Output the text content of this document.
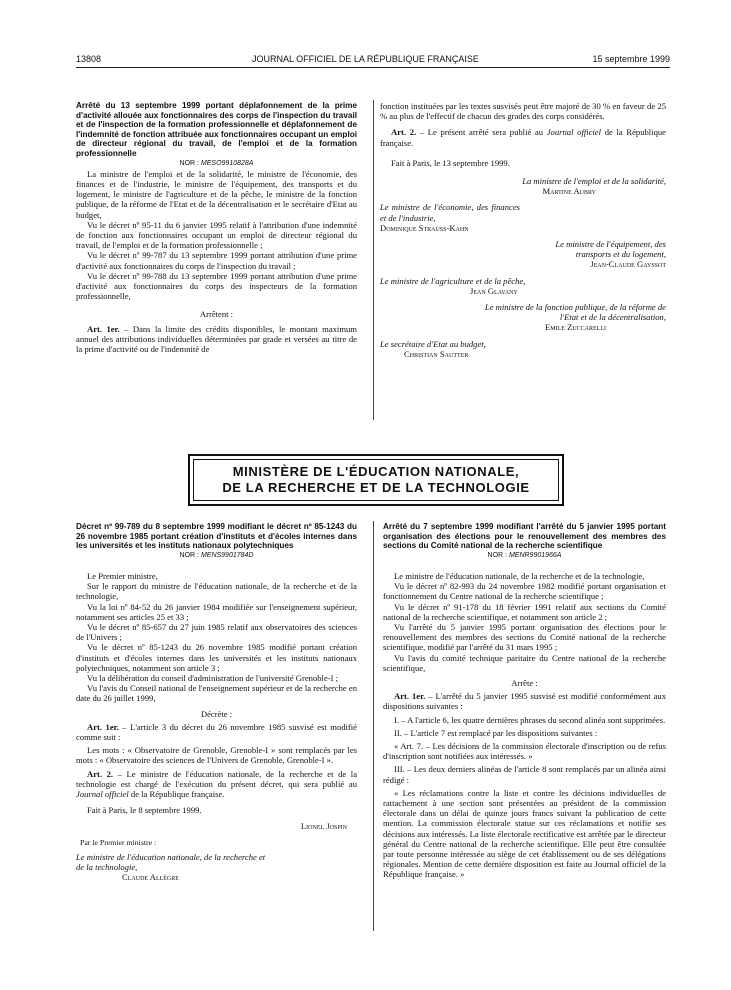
13808	JOURNAL OFFICIEL DE LA RÉPUBLIQUE FRANÇAISE	15 septembre 1999

Arrêté du 13 septembre 1999 portant déplafonnement de la prime d'activité allouée aux fonctionnaires des corps de l'inspection du travail et de l'inspection de la formation professionnelle et déplafonnement de l'indemnité de fonction attribuée aux fonctionnaires occupant un emploi de directeur régional du travail, de l'emploi et de la formation professionnelle

NOR : MESO9910828A

La ministre de l'emploi et de la solidarité, le ministre de l'économie, des finances et de l'industrie, le ministre de l'équipement, des transports et du logement, le ministre de l'agriculture et de la pêche, le ministre de la fonction publique, de la réforme de l'Etat et de la décentralisation et le secrétaire d'Etat au budget,

Vu le décret nº 95-11 du 6 janvier 1995 relatif à l'attribution d'une indemnité de fonction aux fonctionnaires occupant un emploi de directeur régional du travail, de l'emploi et de la formation professionnelle ;

Vu le décret nº 99-787 du 13 septembre 1999 portant attribution d'une prime d'activité aux fonctionnaires du corps de l'inspection du travail ;

Vu le décret nº 99-788 du 13 septembre 1999 portant attribution d'une prime d'activité aux fonctionnaires du corps des inspecteurs de la formation professionnelle,

Arrêtent :

Art. 1er. – Dans la limite des crédits disponibles, le montant maximum annuel des attributions individuelles déterminées par grade et versées au titre de la prime d'activité ou de l'indemnité de

fonction instituées par les textes susvisés peut être majoré de 30 % en faveur de 25 % au plus de l'effectif de chacun des grades des corps considérés.

Art. 2. – Le présent arrêté sera publié au Journal officiel de la République française.

Fait à Paris, le 13 septembre 1999.

La ministre de l'emploi et de la solidarité,
Martine Aubry
Le ministre de l'économie, des finances et de l'industrie,
Dominique Strauss-Kahn
Le ministre de l'équipement, des transports et du logement,
Jean-Claude Gayssot
Le ministre de l'agriculture et de la pêche,
Jean Glavany
Le ministre de la fonction publique, de la réforme de l'Etat et de la décentralisation,
Emile Zuccarelli
Le secrétaire d'Etat au budget,
Christian Sautter
MINISTÈRE DE L'ÉDUCATION NATIONALE,
DE LA RECHERCHE ET DE LA TECHNOLOGIE

Décret nº 99-789 du 8 septembre 1999 modifiant le décret nº 85-1243 du 26 novembre 1985 portant création d'instituts et d'écoles internes dans les universités et les instituts nationaux polytechniques

NOR : MENS9901784D

Le Premier ministre,

Sur le rapport du ministre de l'éducation nationale, de la recherche et de la technologie,

Vu la loi nº 84-52 du 26 janvier 1984 modifiée sur l'enseignement supérieur, notamment ses articles 25 et 33 ;

Vu le décret nº 85-657 du 27 juin 1985 relatif aux observatoires des sciences de l'Univers ;

Vu le décret nº 85-1243 du 26 novembre 1985 modifié portant création d'instituts et d'écoles internes dans les universités et les instituts nationaux polytechniques, notamment son article 3 ;

Vu la délibération du conseil d'administration de l'université Grenoble-I ;

Vu l'avis du Conseil national de l'enseignement supérieur et de la recherche en date du 26 juillet 1999,

Décrète :

Art. 1er. – L'article 3 du décret du 26 novembre 1985 susvisé est modifié comme suit :

Les mots : « Observatoire de Grenoble, Grenoble-I » sont remplacés par les mots : « Observatoire des sciences de l'Univers de Grenoble, Grenoble-I ».

Art. 2. – Le ministre de l'éducation nationale, de la recherche et de la technologie est chargé de l'exécution du présent décret, qui sera publié au Journal officiel de la République française.

Fait à Paris, le 8 septembre 1999.

Lionel Jospin

Par le Premier ministre :

Le ministre de l'éducation nationale, de la recherche et de la technologie,

Claude Allègre

Arrêté du 7 septembre 1999 modifiant l'arrêté du 5 janvier 1995 portant organisation des élections pour le renouvellement des membres des sections du Comité national de la recherche scientifique

NOR : MENR9901966A

Le ministre de l'éducation nationale, de la recherche et de la technologie,

Vu le décret nº 82-993 du 24 novembre 1982 modifié portant organisation et fonctionnement du Centre national de la recherche scientifique ;

Vu le décret nº 91-178 du 18 février 1991 relatif aux sections du Comité national de la recherche scientifique, et notamment son article 2 ;

Vu l'arrêté du 5 janvier 1995 portant organisation des élections pour le renouvellement des membres des sections du Comité national de la recherche scientifique, modifié par l'arrêté du 31 mars 1995 ;

Vu l'avis du comité technique paritaire du Centre national de la recherche scientifique,

Arrête :

Art. 1er. – L'arrêté du 5 janvier 1995 susvisé est modifié conformément aux dispositions suivantes :

I. – A l'article 6, les quatre dernières phrases du second alinéa sont supprimées.

II. – L'article 7 est remplacé par les dispositions suivantes :

« Art. 7. – Les décisions de la commission électorale d'inscription ou de refus d'inscription sont notifiées aux intéressés. »

III. – Les deux derniers alinéas de l'article 8 sont remplacés par un alinéa ainsi rédigé :

« Les réclamations contre la liste et contre les décisions individuelles de rattachement à une section sont présentées au président de la commission électorale dans un délai de quinze jours francs suivant la publication de cette mention. La commission électorale statue sur ces réclamations et notifie ses décisions aux intéressés. La liste électorale rectificative est arrêtée par le directeur général du Centre national de la recherche scientifique. Elle peut être consultée par toute personne intéressée au siège de cet établissement ou de ses délégations régionales. Mention de cette dernière disposition est faite au Journal officiel de la République française. »
